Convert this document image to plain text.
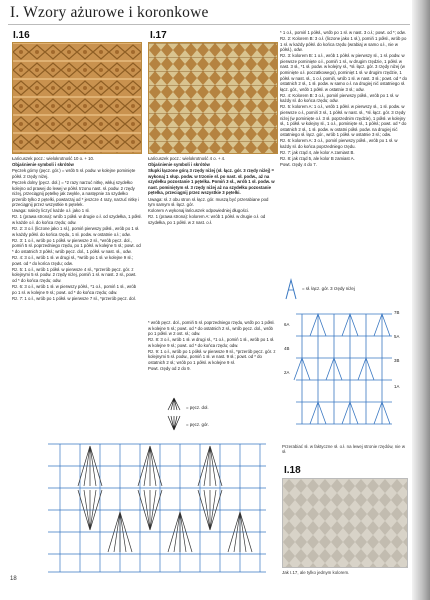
I. Wzory ażurowe i koronkowe
I.16	I.17

Łańcuszek pocz.: wielokrotność 10 o. + 10.

Objaśnienie symboli i skrótów

Pęczek górny (pęcz. gór.) = wrób 5 sł. podw. w kolejne pominięte półsł. 2 rzędy niżej.

Pęczek dolny (pęcz. dol.) = *2 razy narzuć nitkę, wkłuj szydełko kolejno od prawej do lewej w półsł. trzonu nast. sł. podw. 2 rzędy niżej, przeciągnij pętelkę jak zwykle, a następnie za szydełko przerób tylko 2 pętelki, powtarzaj od * jeszcze 4 razy, narzuć nitkę i przeciągnij przez wszystkie 6 pętelek.

Uwaga: należy liczyć każde o.ł. jako 1 sł.

Rz. 1 (prawa strona): wrób 1 półsł. w drugie o.ł. od szydełka, 1 półsł. w każde o.ł. do końca rzędu; odw.

Rz. 2: 3 o.ł. (liczone jako 1 sł.), pomiń pierwszy półsł., wrób po 1 sł. w każdy półsł. do końca rzędu, 1 sł. podw. w ostatnie o.ł.; odw.

Rz. 3: 1 o.ł., wrób po 1 półsł. w pierwsze 2 sł., *wrób pęcz. dol., pomiń 5 sł. poprzedniego rzędu, po 1 półsł. w kolejne 5 sł.; powt. od * do ostatnich 3 półsł.; wrób pęcz. dol., 1 półsł. w nast. sł., odw.

Rz. 4: 3 o.ł., wrób 1 sł. w drugi sł., *wrób po 1 sł. w kolejne 9 sł.; powt. od * do końca rzędu; odw.

Rz. 5: 1 o.ł., wrób 1 półsł. w pierwsze 4 sł., *przerób pęcz. gór. z kolejnymi 5 sł. podw. 2 rzędy niżej, pomiń 1 sł. w nast. 2 sł., powt. od * do końca rzędu; odw.

Rz. 6: 3 o.ł., wrób 1 sł. w pierwszy półsł., *1 o.ł., pomiń 1 sł., wrób po 1 sł. w kolejne 9 sł.; powt. od * do końca rzędu; odw.

Rz. 7: 1 o.ł., wrób po 1 półsł. w pierwsze 7 sł., *przerób pęcz. dol.

Łańcuszek pocz.: wielokrotność 4 o. + 4.

Objaśnienie symboli i skrótów

Słupki łączone górą 3 rzędy niżej (sł. łącz. gór. 3 rzędy niżej) = wykonaj 1 słup. podw. w trzonie sł. po nast. sł. podw., aż na szydełku pozostanie 1 pętelka. Pomiń 3 sł., wrób 1 sł. podw. w nast. pominiętym sł. 3 rzędy niżej aż na szydełku pozostanie pętelka, przeciągnij przez wszystkie 3 pętelki.

Uwaga: sł. z obu stron sł. łącz. gór. muszą być przerabiane pod tym samym sł. łącz. gór.

Kolorem A wykonaj łańcuszek odpowiedniej długości.

Rz. 1 (prawa strona): kolorem A: wrób 1 półsł. w drugie o.ł. od szydełka, po 1 półsł. w 2 nast. o.ł.

* wrób pęcz. dol., pomiń 5 sł. poprzedniego rzędu, wrób po 1 półsł. w kolejne 5 sł.; powt. od * do ostatnich 2 sł., wrób pęcz. dol., wrób po 1 półsł. w 2 ost. sł.; odw.

Rz. 8: 3 o.ł., wrób 1 sł. w drugi sł., *1 o.ł., pomiń 1 sł., wrób po 1 sł. w kolejne 9 sł.; powt. od * do końca rzędu; odw.

Rz. 9: 1 o.ł., wrób po 1 półsł. w pierwsze 9 sł., *przerób pęcz. gór. z kolejnymi 5 sł. podw., pomiń 1 sł. w nast. 9 sł.; powt. od * do ostatnich 2 sł.; wrób po 1 półsł. w kolejne 9 sł.

Powt. rzędy od 2 do 9.

= pęcz. dol.
= pęcz. gór.

* 1 o.ł., pomiń 1 półsł., wrób po 1 sł. w nast. 3 o.ł.; powt. od *; odw.

Rz. 2: Kolorem B: 3 o.ł. (liczone jako 1 sł.), pomiń 1 półsł., wrób po 1 sł. w każdy półsł. do końca rzędu (wrabiaj w samo o.ł., nie w półsł.), odw.

Rz. 3: kolorem B: 1 o.ł., wrób 1 półsł. w pierwszy sł., 1 sł. podw. w pierwsze pominięte o.ł., pomiń 1 sł., w drugim rzędzie, 1 półsł. w nast. 3 sł., *1 sł. podw. w kolejny sł., *sł. łącz. gór. 3 rzędy niżej (w pominięte o.ł. poczatkowego), pominięt 1 sł. w drugim rzędzie, 1 półsł. w nast. sł., 1 o.ł. pomiń, wrób 1 sł. w nast. 3 sł.; powt. od * do ostatnich 2 sł., 1 sł. podw. w samo o.ł. na drugiej nić ostatniego sł. łącz. gór., wrób 1 półsł. w ostatnie 3 sł.; odw.

Rz. 4: Kolorem B: 3 o.ł., pomiń pierwszy półsł., wrób po 1 sł. w każdy sł. do końca rzędu; odw.

Rz. 5: kolorem A: 1 o.ł., wrób 1 półsł. w pierwszy sł., 1 sł. podw. w pierwsze o.ł., pomiń 3 sł., 1 półsł. w nast. sł., *sł. łącz. gór. 3 rzędy niżej (w pominięte o.ł. 3 sł. poprzednim rzędzie), 1 półsł. w kolejny sł., 1 półsł. w kolejny sł., 1 o.ł., pominięte sł., 1 półsł.; powt. od * do ostatnich 2 sł., 1 sł. podw. w ostatni półsł. podw. na drugiej nić ostatniego sł. łącz. gór., wrób 1 półsł. w ostatnie 3 sł.; odw.

Rz. 6: kolorem A: 3 o.ł., pomiń pierwszy półsł., wrób po 1 sł. w każdy sł. do końca poprzedniego rzędu.

Rz. 7: jak rząd 4, ale kolor A zamiast B.

Rz. 8: jak rząd 5, ale kolor B zamiast A.

Powt. rzędy 4 do 7.

= sł. łącz. gór. 3 rzędy niżej
6A
4B
2A
7B
5A
3B
1A
Przerabiać sł. w faktyczne sł. o.ł. na lewej stronie rzędów, nie w sł.
I.18
Jak I.17, ale tylko jednym kolorem.
18
